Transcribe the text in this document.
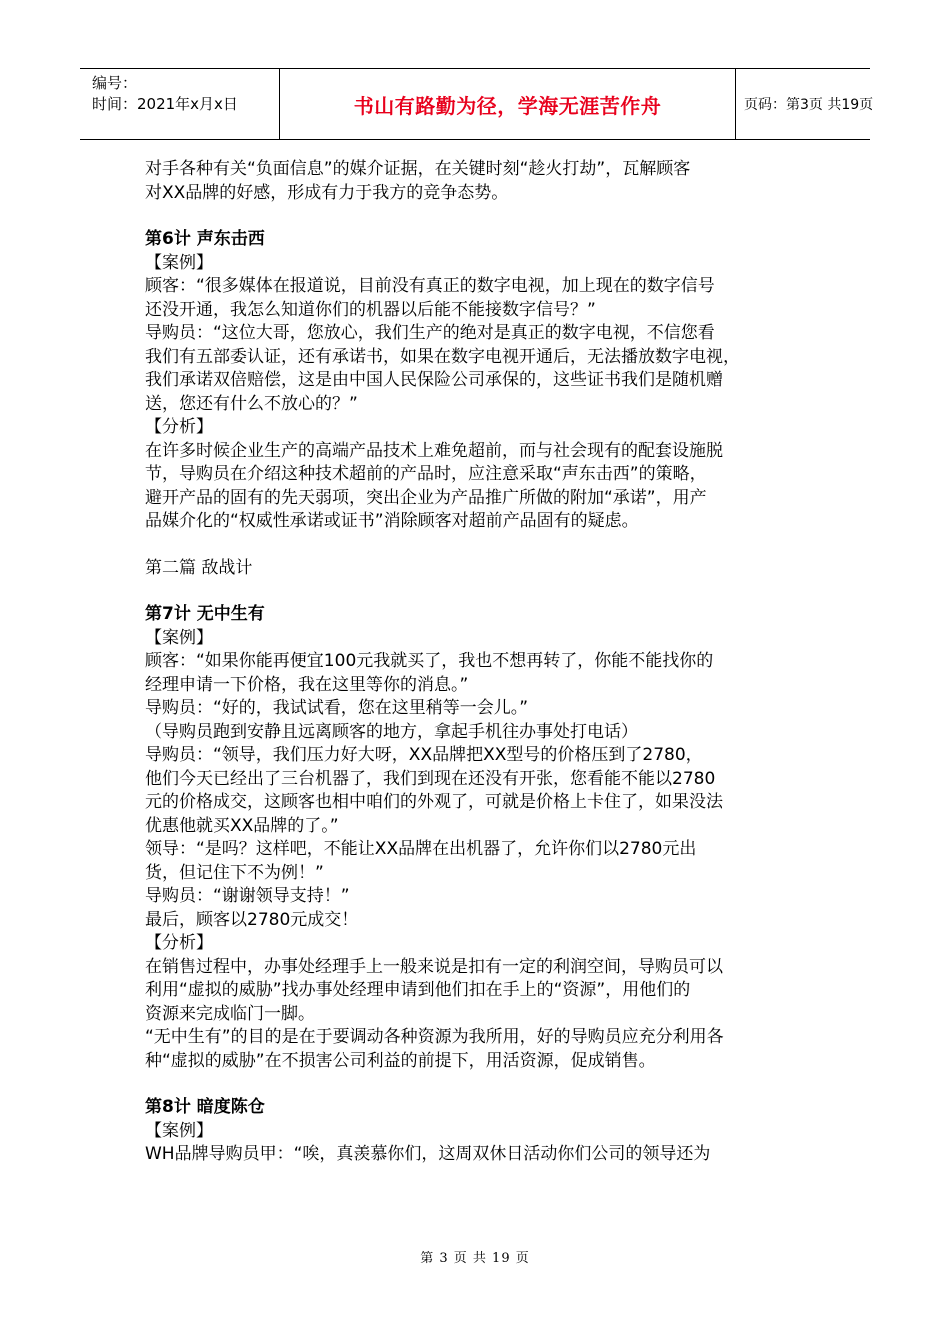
编号：
时间：2021年x月x日	书山有路勤为径，学海无涯苦作舟	页码：第3页 共19页

对手各种有关“负面信息”的媒介证据，在关键时刻“趁火打劫”，瓦解顾客

对XX品牌的好感，形成有力于我方的竞争态势。

第6计 声东击西

【案例】

顾客：“很多媒体在报道说，目前没有真正的数字电视，加上现在的数字信号

还没开通，我怎么知道你们的机器以后能不能接数字信号？”

导购员：“这位大哥，您放心，我们生产的绝对是真正的数字电视，不信您看

我们有五部委认证，还有承诺书，如果在数字电视开通后，无法播放数字电视，

我们承诺双倍赔偿，这是由中国人民保险公司承保的，这些证书我们是随机赠

送，您还有什么不放心的？”

【分析】

在许多时候企业生产的高端产品技术上难免超前，而与社会现有的配套设施脱

节，导购员在介绍这种技术超前的产品时，应注意采取“声东击西”的策略，

避开产品的固有的先天弱项，突出企业为产品推广所做的附加“承诺”，用产

品媒介化的“权威性承诺或证书”消除顾客对超前产品固有的疑虑。

第二篇 敌战计

第7计 无中生有

【案例】

顾客：“如果你能再便宜100元我就买了，我也不想再转了，你能不能找你的

经理申请一下价格，我在这里等你的消息。”

导购员：“好的，我试试看，您在这里稍等一会儿。”

（导购员跑到安静且远离顾客的地方，拿起手机往办事处打电话）

导购员：“领导，我们压力好大呀，XX品牌把XX型号的价格压到了2780，

他们今天已经出了三台机器了，我们到现在还没有开张，您看能不能以2780

元的价格成交，这顾客也相中咱们的外观了，可就是价格上卡住了，如果没法

优惠他就买XX品牌的了。”

领导：“是吗？这样吧，不能让XX品牌在出机器了，允许你们以2780元出

货，但记住下不为例！”

导购员：“谢谢领导支持！”

最后，顾客以2780元成交！

【分析】

在销售过程中，办事处经理手上一般来说是扣有一定的利润空间，导购员可以

利用“虚拟的威胁”找办事处经理申请到他们扣在手上的“资源”，用他们的

资源来完成临门一脚。

“无中生有”的目的是在于要调动各种资源为我所用，好的导购员应充分利用各

种“虚拟的威胁”在不损害公司利益的前提下，用活资源，促成销售。

第8计 暗度陈仓

【案例】

WH品牌导购员甲：“唉，真羡慕你们，这周双休日活动你们公司的领导还为

第 3 页 共 19 页
